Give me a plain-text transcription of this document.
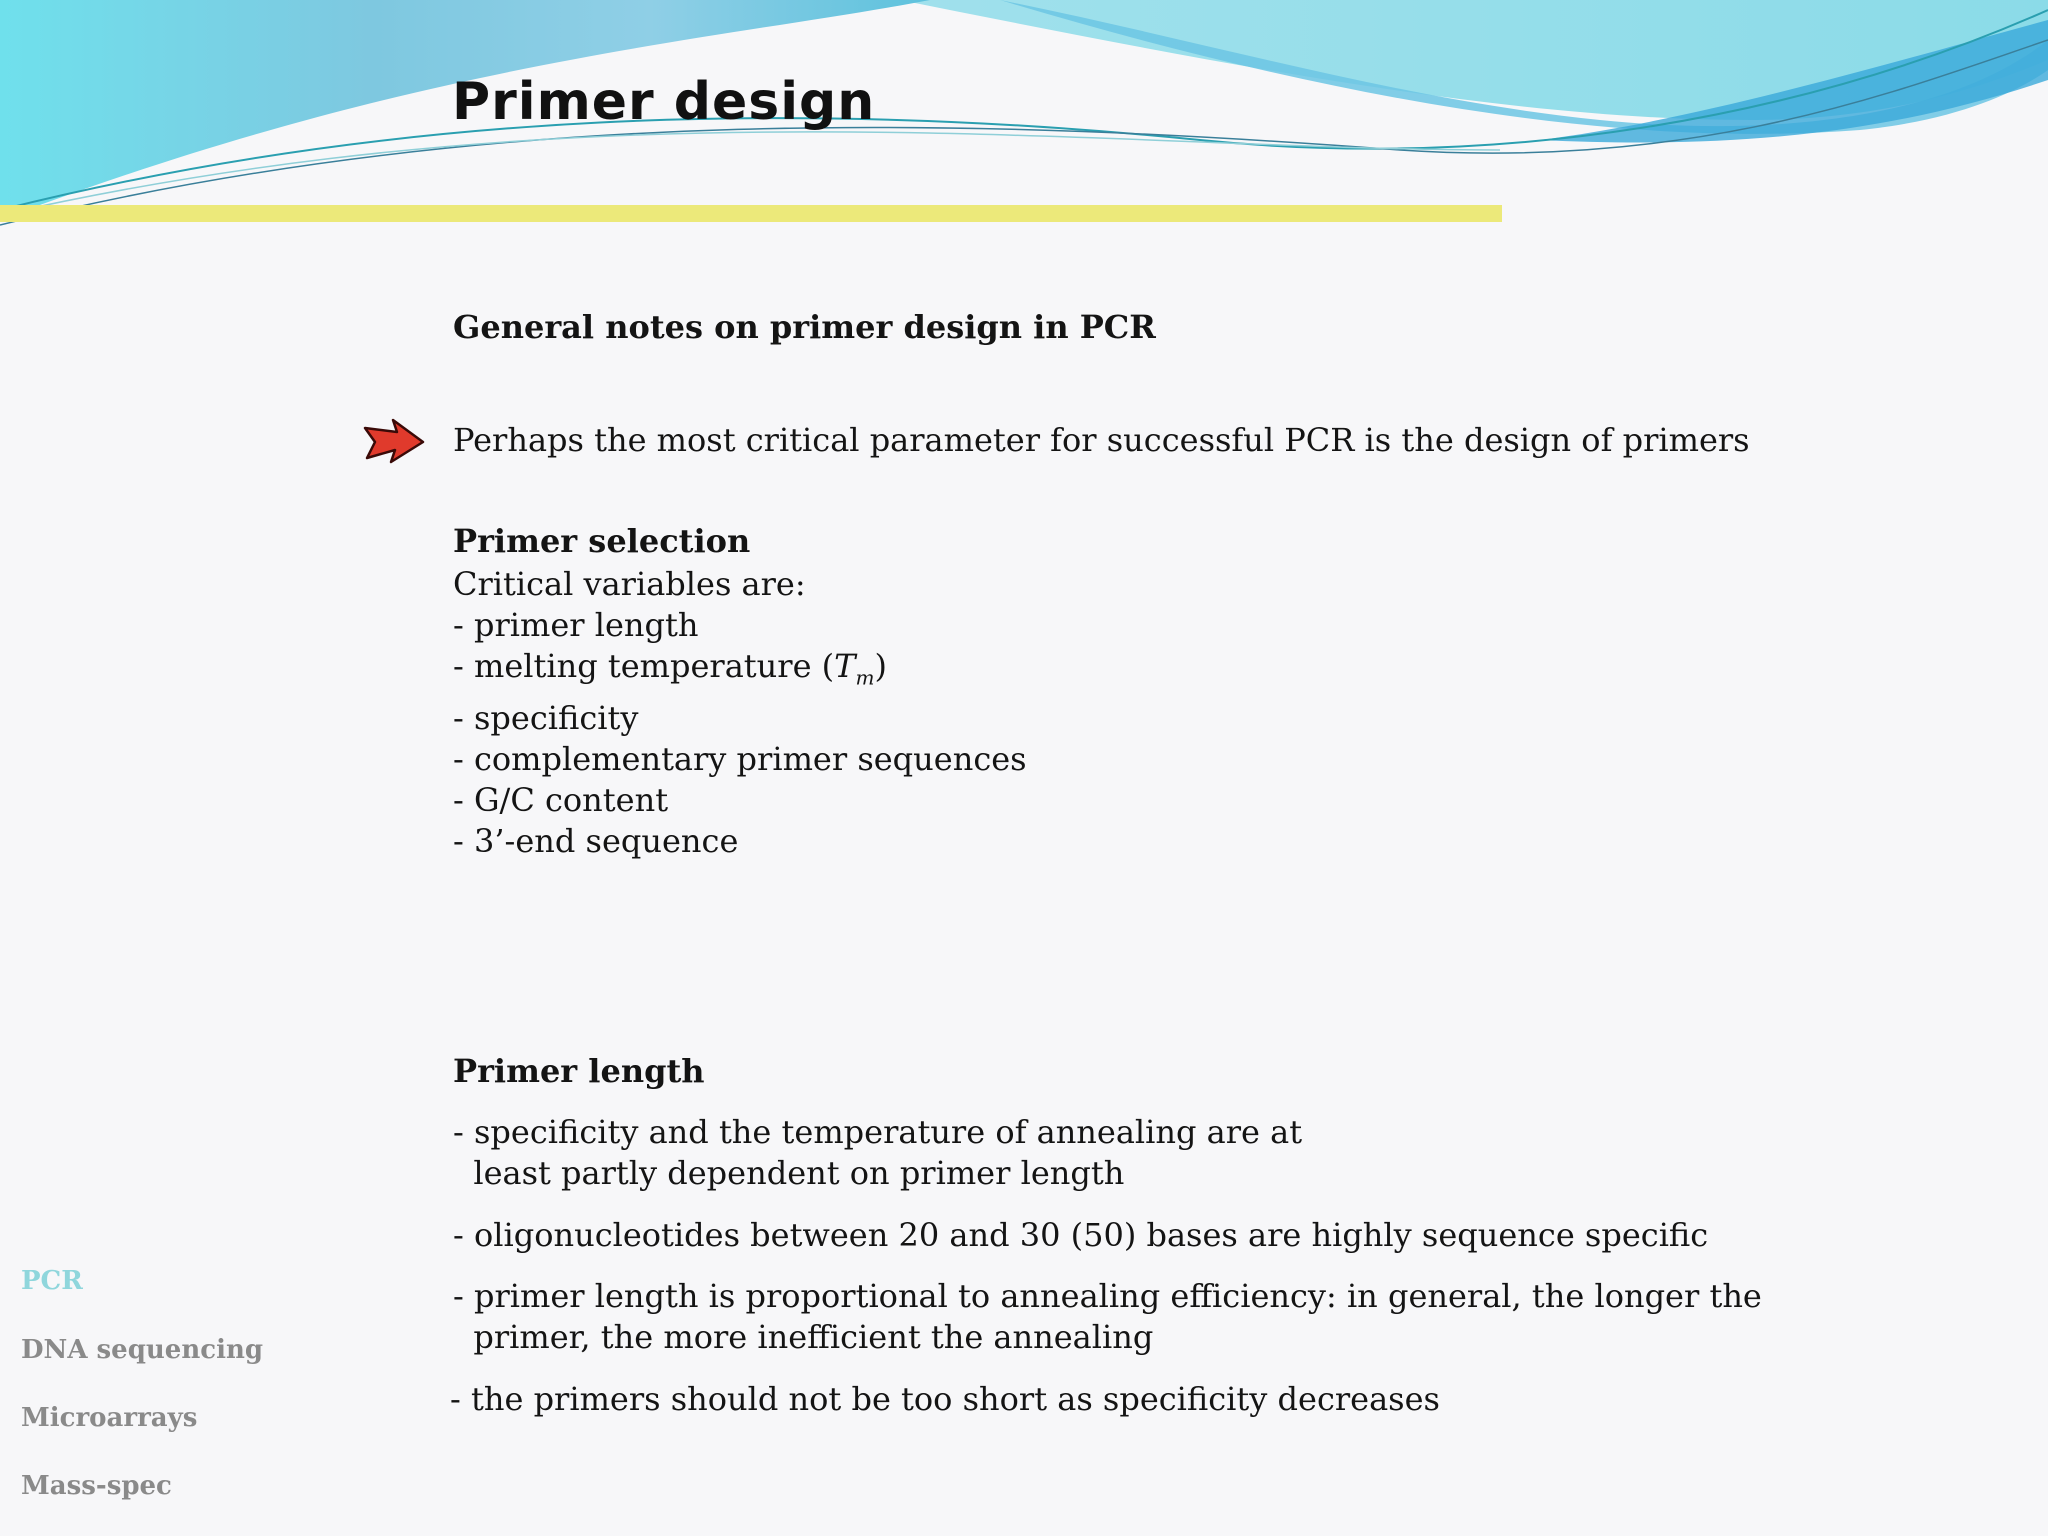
Primer design
General notes on primer design in PCR

Perhaps the most critical parameter for successful PCR is the design of primers

Primer selection
Critical variables are:
- primer length
- melting temperature $(T_m)$
- specificity
- complementary primer sequences
- G/C content
- 3’-end sequence
Primer length
- specificity and the temperature of annealing are at
least partly dependent on primer length

- oligonucleotides between 20 and 30 (50) bases are highly sequence specific

- primer length is proportional to annealing efficiency: in general, the longer the
primer, the more inefficient the annealing

- the primers should not be too short as specificity decreases

PCR
DNA sequencing
Microarrays
Mass-spec
